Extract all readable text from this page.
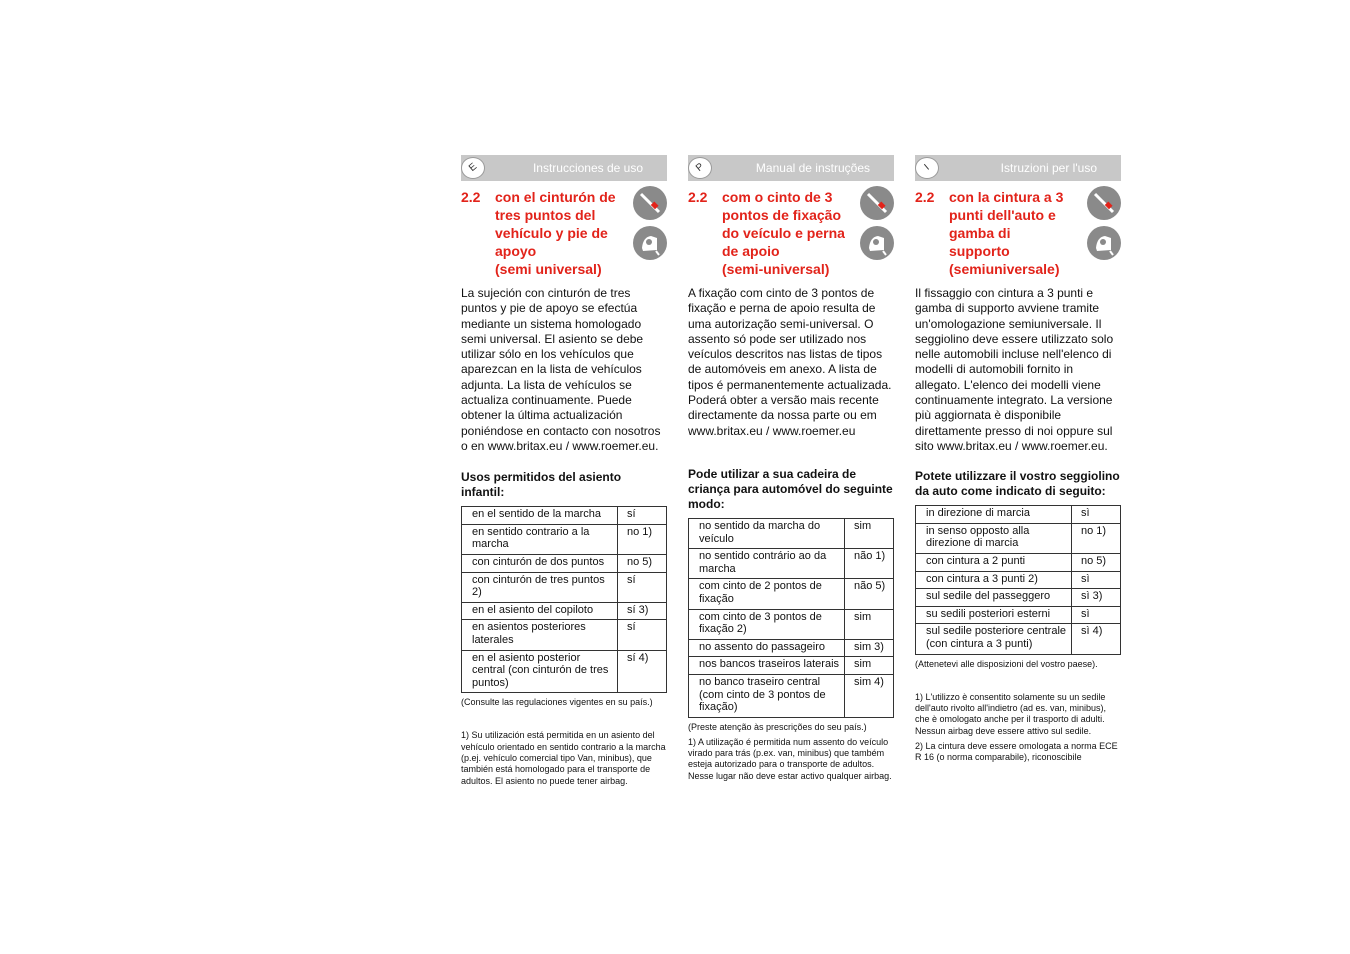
E	Instrucciones de uso
2.2 con el cinturón de
tres puntos del
vehículo y pie de
apoyo
(semi universal)
La sujeción con cinturón de tres puntos y pie de apoyo se efectúa mediante un sistema homologado semi universal. El asiento se debe utilizar sólo en los vehículos que aparezcan en la lista de vehículos adjunta. La lista de vehículos se actualiza continuamente. Puede obtener la última actualización poniéndose en contacto con nosotros o en www.britax.eu / www.roemer.eu.
Usos permitidos del asiento infantil:
en el sentido de la marcha	sí
en sentido contrario a la marcha	no 1)
con cinturón de dos puntos	no 5)
con cinturón de tres puntos 2)	sí
en el asiento del copiloto	sí 3)
en asientos posteriores laterales	sí
en el asiento posterior central (con cinturón de tres puntos)	sí 4)
(Consulte las regulaciones vigentes en su país.)
1) Su utilización está permitida en un asiento del vehículo orientado en sentido contrario a la marcha (p.ej. vehículo comercial tipo Van, minibus), que también está homologado para el transporte de adultos. El asiento no puede tener airbag.
P	Manual de instruções
2.2 com o cinto de 3
pontos de fixação
do veículo e perna
de apoio
(semi-universal)
A fixação com cinto de 3 pontos de fixação e perna de apoio resulta de uma autorização semi-universal. O assento só pode ser utilizado nos veículos descritos nas listas de tipos de automóveis em anexo. A lista de tipos é permanentemente actualizada. Poderá obter a versão mais recente directamente da nossa parte ou em www.britax.eu / www.roemer.eu
Pode utilizar a sua cadeira de criança para automóvel do seguinte modo:
no sentido da marcha do veículo	sim
no sentido contrário ao da marcha	não 1)
com cinto de 2 pontos de fixação	não 5)
com cinto de 3 pontos de fixação 2)	sim
no assento do passageiro	sim 3)
nos bancos traseiros laterais	sim
no banco traseiro central (com cinto de 3 pontos de fixação)	sim 4)
(Preste atenção às prescrições do seu país.)
1) A utilização é permitida num assento do veículo virado para trás (p.ex. van, minibus) que também esteja autorizado para o transporte de adultos. Nesse lugar não deve estar activo qualquer airbag.
I	Istruzioni per l'uso
2.2 con la cintura a 3
punti dell'auto e
gamba di
supporto
(semiuniversale)
Il fissaggio con cintura a 3 punti e gamba di supporto avviene tramite un'omologazione semiuniversale. Il seggiolino deve essere utilizzato solo nelle automobili incluse nell'elenco di modelli di automobili fornito in allegato. L'elenco dei modelli viene continuamente integrato. La versione più aggiornata è disponibile direttamente presso di noi oppure sul sito www.britax.eu / www.roemer.eu.
Potete utilizzare il vostro seggiolino da auto come indicato di seguito:
in direzione di marcia	sì
in senso opposto alla direzione di marcia	no 1)
con cintura a 2 punti	no 5)
con cintura a 3 punti 2)	sì
sul sedile del passeggero	sì 3)
su sedili posteriori esterni	sì
sul sedile posteriore centrale
(con cintura a 3 punti)	sì 4)
(Attenetevi alle disposizioni del vostro paese).
1) L'utilizzo è consentito solamente su un sedile dell'auto rivolto all'indietro (ad es. van, minibus), che è omologato anche per il trasporto di adulti. Nessun airbag deve essere attivo sul sedile.
2) La cintura deve essere omologata a norma ECE R 16 (o norma comparabile), riconoscibile
